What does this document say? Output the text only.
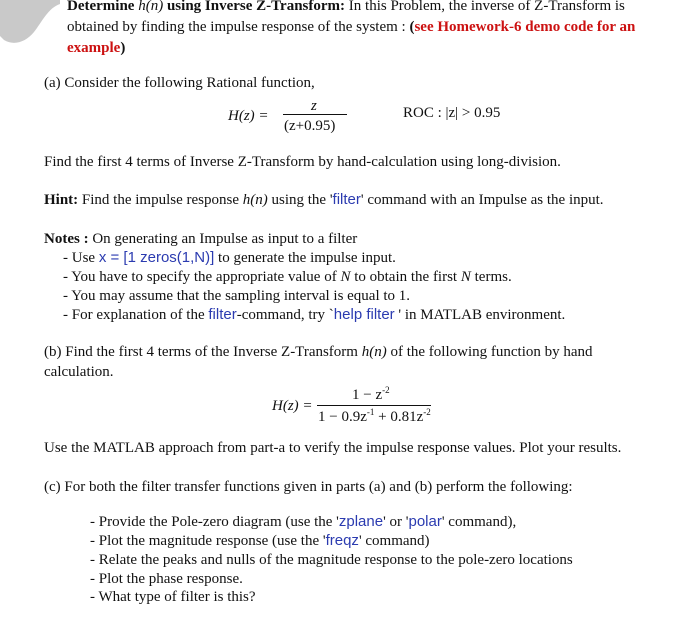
Determine h(n) using Inverse Z-Transform: In this Problem, the inverse of Z-Transform is
obtained by finding the impulse response of the system : (see Homework-6 demo code for an
example)
(a) Consider the following Rational function,
H(z) =
z
(z+0.95)
ROC : |z| > 0.95
Find the first 4 terms of Inverse Z-Transform by hand-calculation using long-division.
Hint: Find the impulse response h(n) using the 'filter' command with an Impulse as the input.
Notes : On generating an Impulse as input to a filter
- Use x = [1 zeros(1,N)] to generate the impulse input.
- You have to specify the appropriate value of N to obtain the first N terms.
- You may assume that the sampling interval is equal to 1.
- For explanation of the filter-command, try `help filter ' in MATLAB environment.
(b) Find the first 4 terms of the Inverse Z-Transform h(n) of the following function by hand
calculation.
H(z) =
$1 - z^{-2}$
$1 - 0.9z^{-1} + 0.81z^{-2}$
Use the MATLAB approach from part-a to verify the impulse response values. Plot your results.
(c) For both the filter transfer functions given in parts (a) and (b) perform the following:
- Provide the Pole-zero diagram (use the 'zplane' or 'polar' command),
- Plot the magnitude response (use the 'freqz' command)
- Relate the peaks and nulls of the magnitude response to the pole-zero locations
- Plot the phase response.
- What type of filter is this?
